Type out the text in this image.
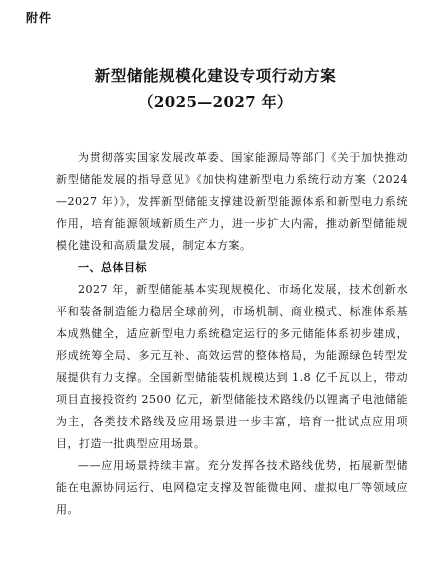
附件
新型储能规模化建设专项行动方案
（2025—2027 年）

为贯彻落实国家发展改革委、国家能源局等部门《关于加快推动新型储能发展的指导意见》《加快构建新型电力系统行动方案（2024—2027 年）》，发挥新型储能支撑建设新型能源体系和新型电力系统作用，培育能源领域新质生产力，进一步扩大内需，推动新型储能规模化建设和高质量发展，制定本方案。

一、总体目标

2027 年，新型储能基本实现规模化、市场化发展，技术创新水平和装备制造能力稳居全球前列，市场机制、商业模式、标准体系基本成熟健全，适应新型电力系统稳定运行的多元储能体系初步建成，形成统筹全局、多元互补、高效运营的整体格局，为能源绿色转型发展提供有力支撑。全国新型储能装机规模达到 1.8 亿千瓦以上，带动项目直接投资约 2500 亿元，新型储能技术路线仍以锂离子电池储能为主，各类技术路线及应用场景进一步丰富，培育一批试点应用项目，打造一批典型应用场景。

——应用场景持续丰富。充分发挥各技术路线优势，拓展新型储能在电源协同运行、电网稳定支撑及智能微电网、虚拟电厂等领域应用。
